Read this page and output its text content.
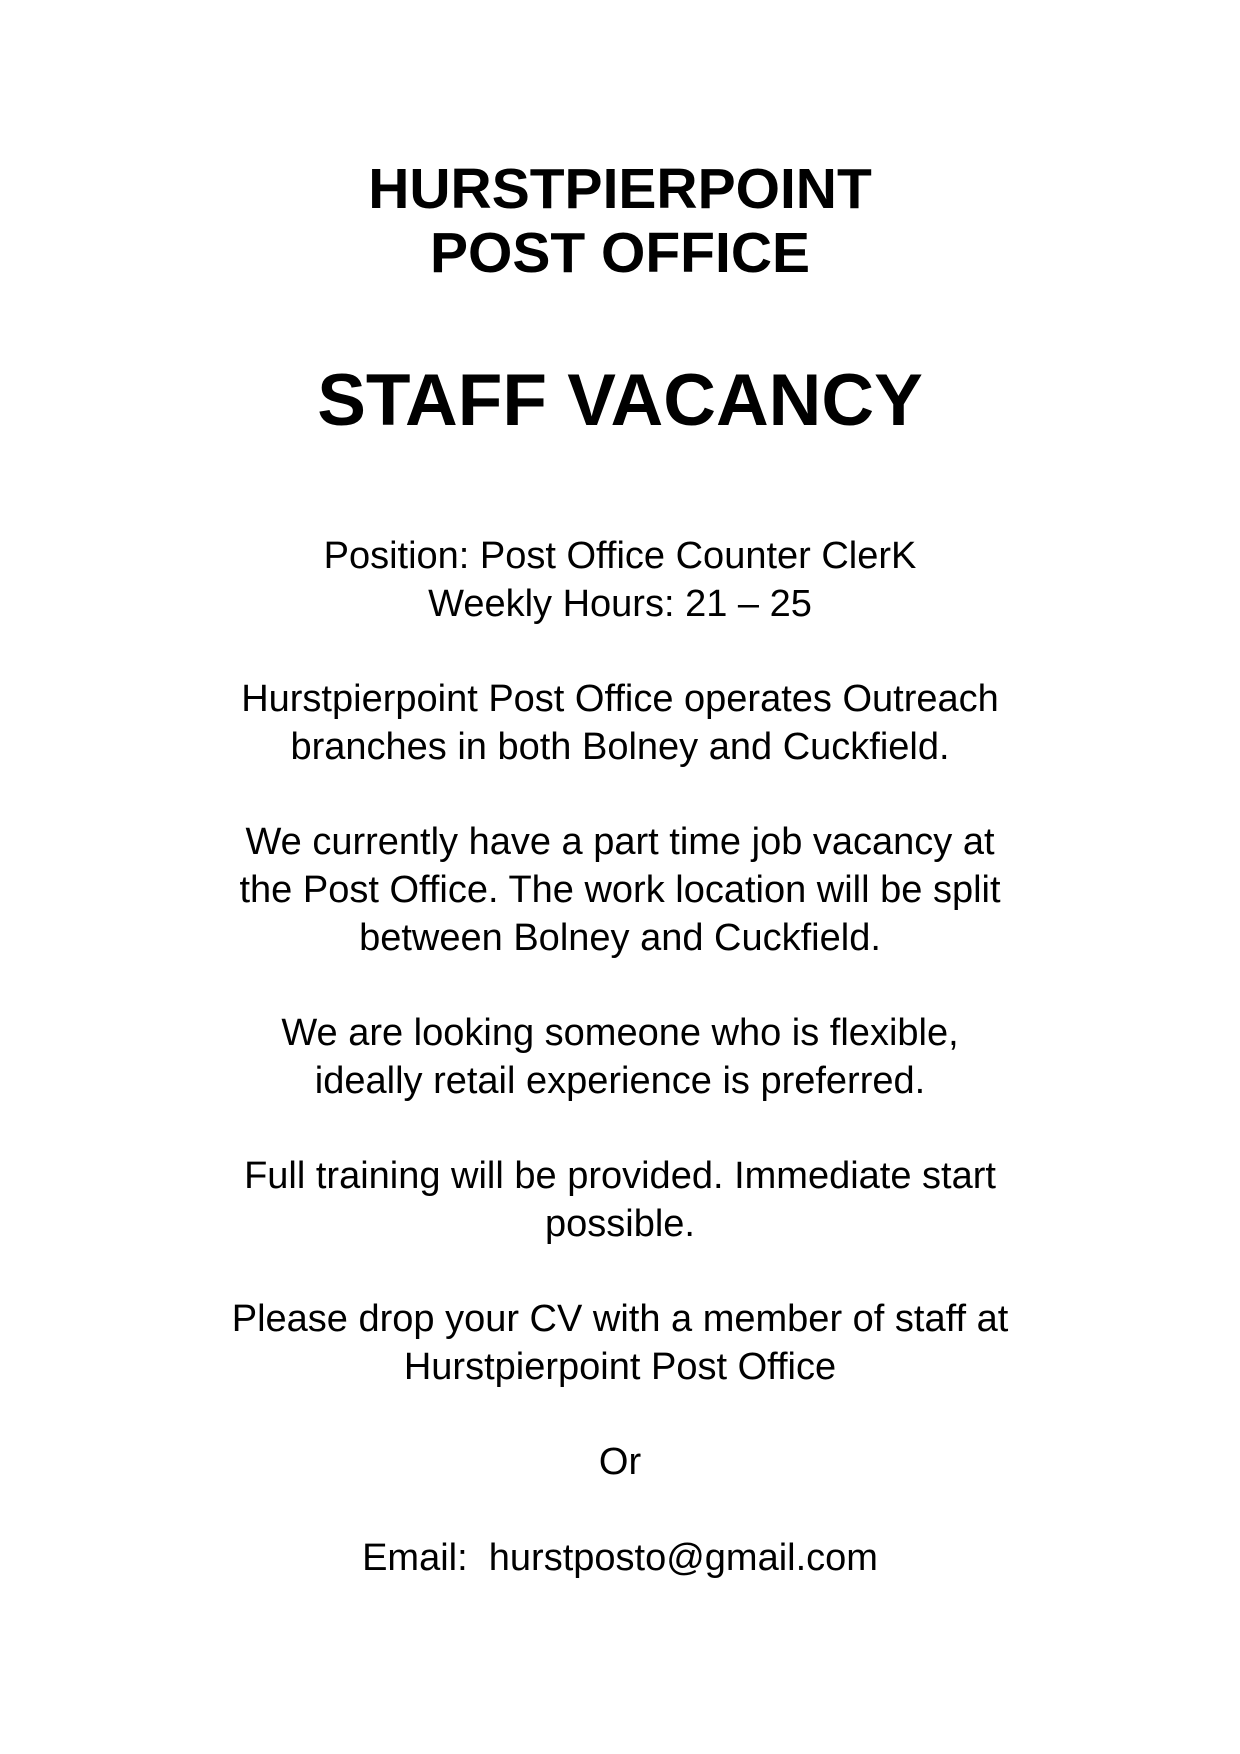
HURSTPIERPOINT
POST OFFICE
STAFF VACANCY
Position: Post Office Counter ClerK
Weekly Hours: 21 – 25
Hurstpierpoint Post Office operates Outreach
branches in both Bolney and Cuckfield.
We currently have a part time job vacancy at
the Post Office. The work location will be split
between Bolney and Cuckfield.
We are looking someone who is flexible,
ideally retail experience is preferred.
Full training will be provided. Immediate start
possible.
Please drop your CV with a member of staff at
Hurstpierpoint Post Office
Or
Email:  hurstposto@gmail.com
